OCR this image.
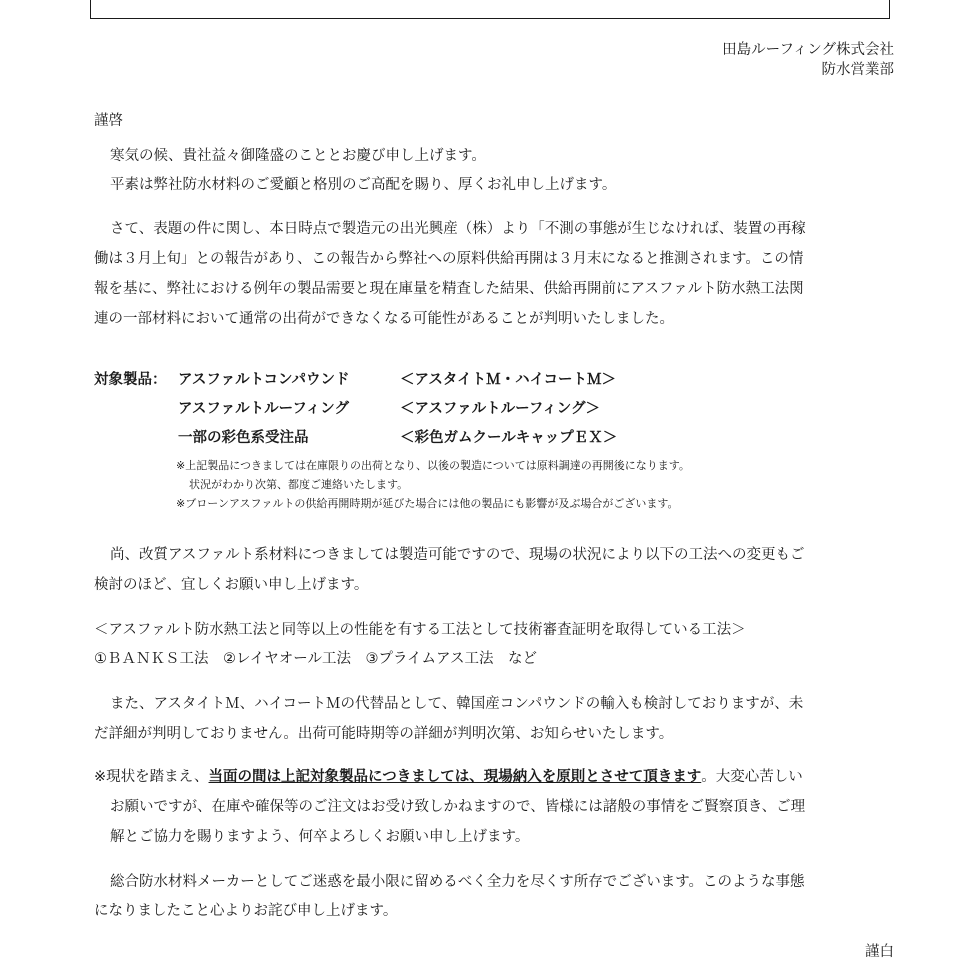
田島ルーフィング株式会社
防水営業部
謹啓
寒気の候、貴社益々御隆盛のこととお慶び申し上げます。
平素は弊社防水材料のご愛顧と格別のご高配を賜り、厚くお礼申し上げます。
さて、表題の件に関し、本日時点で製造元の出光興産（株）より「不測の事態が生じなければ、装置の再稼
働は３月上旬」との報告があり、この報告から弊社への原料供給再開は３月末になると推測されます。この情
報を基に、弊社における例年の製品需要と現在庫量を精査した結果、供給再開前にアスファルト防水熱工法関
連の一部材料において通常の出荷ができなくなる可能性があることが判明いたしました。
対象製品： アスファルトコンパウンド	＜アスタイトＭ・ハイコートＭ＞
アスファルトルーフィング	＜アスファルトルーフィング＞
一部の彩色系受注品	＜彩色ガムクールキャップＥＸ＞
※上記製品につきましては在庫限りの出荷となり、以後の製造については原料調達の再開後になります。
状況がわかり次第、都度ご連絡いたします。
※ブローンアスファルトの供給再開時期が延びた場合には他の製品にも影響が及ぶ場合がございます。
尚、改質アスファルト系材料につきましては製造可能ですので、現場の状況により以下の工法への変更もご
検討のほど、宜しくお願い申し上げます。
＜アスファルト防水熱工法と同等以上の性能を有する工法として技術審査証明を取得している工法＞
①ＢＡＮＫＳ工法　②レイヤオール工法　③プライムアス工法　など
また、アスタイトＭ、ハイコートＭの代替品として、韓国産コンパウンドの輸入も検討しておりますが、未
だ詳細が判明しておりません。出荷可能時期等の詳細が判明次第、お知らせいたします。
※現状を踏まえ、当面の間は上記対象製品につきましては、現場納入を原則とさせて頂きます。大変心苦しい
お願いですが、在庫や確保等のご注文はお受け致しかねますので、皆様には諸般の事情をご賢察頂き、ご理
解とご協力を賜りますよう、何卒よろしくお願い申し上げます。
総合防水材料メーカーとしてご迷惑を最小限に留めるべく全力を尽くす所存でございます。このような事態
になりましたこと心よりお詫び申し上げます。
謹白
